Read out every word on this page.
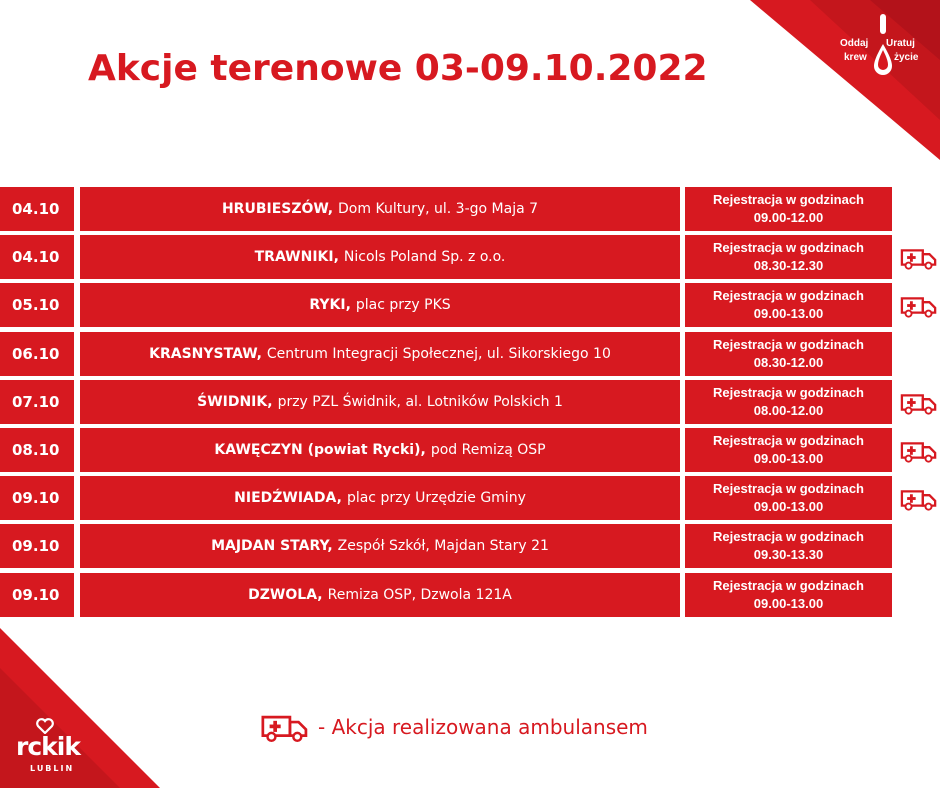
Oddaj Uratuj
krew	życie
Akcje terenowe 03-09.10.2022
04.10	HRUBIESZÓW, Dom Kultury, ul. 3-go Maja 7
Rejestracja w godzinach
09.00-12.00
04.10	TRAWNIKI, Nicols Poland Sp. z o.o.
Rejestracja w godzinach
08.30-12.30
05.10	RYKI, plac przy PKS
Rejestracja w godzinach
09.00-13.00
06.10	KRASNYSTAW, Centrum Integracji Społecznej, ul. Sikorskiego 10
Rejestracja w godzinach
08.30-12.00
07.10	ŚWIDNIK, przy PZL Świdnik, al. Lotników Polskich 1
Rejestracja w godzinach
08.00-12.00
08.10	KAWĘCZYN (powiat Rycki), pod Remizą OSP
Rejestracja w godzinach
09.00-13.00
09.10	NIEDŹWIADA, plac przy Urzędzie Gminy
Rejestracja w godzinach
09.00-13.00
09.10	MAJDAN STARY, Zespół Szkół, Majdan Stary 21
Rejestracja w godzinach
09.30-13.30
09.10	DZWOLA, Remiza OSP, Dzwola 121A
Rejestracja w godzinach
09.00-13.00
- Akcja realizowana ambulansem
rckik
LUBLIN
